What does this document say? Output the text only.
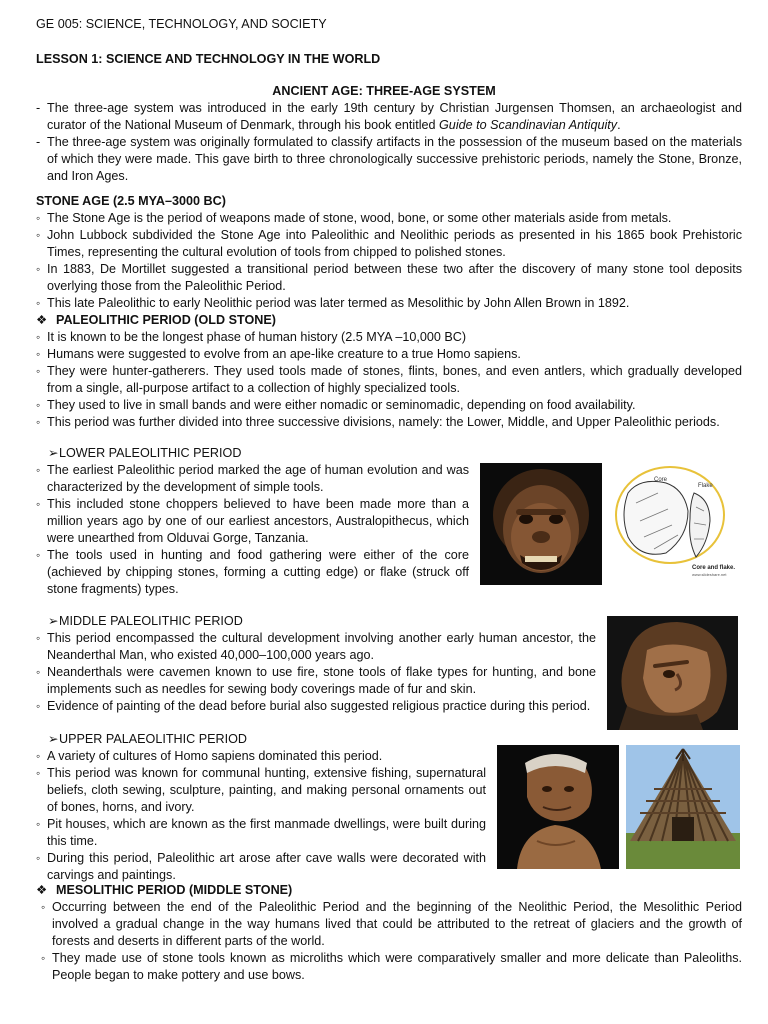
GE 005: SCIENCE, TECHNOLOGY, AND SOCIETY
LESSON 1: SCIENCE AND TECHNOLOGY IN THE WORLD
ANCIENT AGE: THREE-AGE SYSTEM
- The three-age system was introduced in the early 19th century by Christian Jurgensen Thomsen, an archaeologist and curator of the National Museum of Denmark, through his book entitled Guide to Scandinavian Antiquity.
- The three-age system was originally formulated to classify artifacts in the possession of the museum based on the materials of which they were made. This gave birth to three chronologically successive prehistoric periods, namely the Stone, Bronze, and Iron Ages.

STONE AGE (2.5 MYA–3000 BC)

◦ The Stone Age is the period of weapons made of stone, wood, bone, or some other materials aside from metals.
◦ John Lubbock subdivided the Stone Age into Paleolithic and Neolithic periods as presented in his 1865 book Prehistoric Times, representing the cultural evolution of tools from chipped to polished stones.
◦ In 1883, De Mortillet suggested a transitional period between these two after the discovery of many stone tool deposits overlying those from the Paleolithic Period.
◦ This late Paleolithic to early Neolithic period was later termed as Mesolithic by John Allen Brown in 1892.

❖ PALEOLITHIC PERIOD (OLD STONE)

◦ It is known to be the longest phase of human history (2.5 MYA –10,000 BC)
◦ Humans were suggested to evolve from an ape-like creature to a true Homo sapiens.
◦ They were hunter-gatherers. They used tools made of stones, flints, bones, and even antlers, which gradually developed from a single, all-purpose artifact to a collection of highly specialized tools.
◦ They used to live in small bands and were either nomadic or seminomadic, depending on food availability.
◦ This period was further divided into three successive divisions, namely: the Lower, Middle, and Upper Paleolithic periods.

➢LOWER PALEOLITHIC PERIOD

◦ The earliest Paleolithic period marked the age of human evolution and was characterized by the development of simple tools.
◦ This included stone choppers believed to have been made more than a million years ago by one of our earliest ancestors, Australopithecus, which were unearthed from Olduvai Gorge, Tanzania.
◦ The tools used in hunting and food gathering were either of the core (achieved by chipping stones, forming a cutting edge) or flake (struck off stone fragments) types.
Core
Flake
Core and flake.
www.slideshare.net

➢MIDDLE PALEOLITHIC PERIOD

◦ This period encompassed the cultural development involving another early human ancestor, the Neanderthal Man, who existed 40,000–100,000 years ago.
◦ Neanderthals were cavemen known to use fire, stone tools of flake types for hunting, and bone implements such as needles for sewing body coverings made of fur and skin.
◦ Evidence of painting of the dead before burial also suggested religious practice during this period.

➢UPPER PALAEOLITHIC PERIOD

◦ A variety of cultures of Homo sapiens dominated this period.
◦ This period was known for communal hunting, extensive fishing, supernatural beliefs, cloth sewing, sculpture, painting, and making personal ornaments out of bones, horns, and ivory.
◦ Pit houses, which are known as the first manmade dwellings, were built during this time.
◦ During this period, Paleolithic art arose after cave walls were decorated with carvings and paintings.

❖ MESOLITHIC PERIOD (MIDDLE STONE)

◦ Occurring between the end of the Paleolithic Period and the beginning of the Neolithic Period, the Mesolithic Period involved a gradual change in the way humans lived that could be attributed to the retreat of glaciers and the growth of forests and deserts in different parts of the world.
◦ They made use of stone tools known as microliths which were comparatively smaller and more delicate than Paleoliths. People began to make pottery and use bows.
